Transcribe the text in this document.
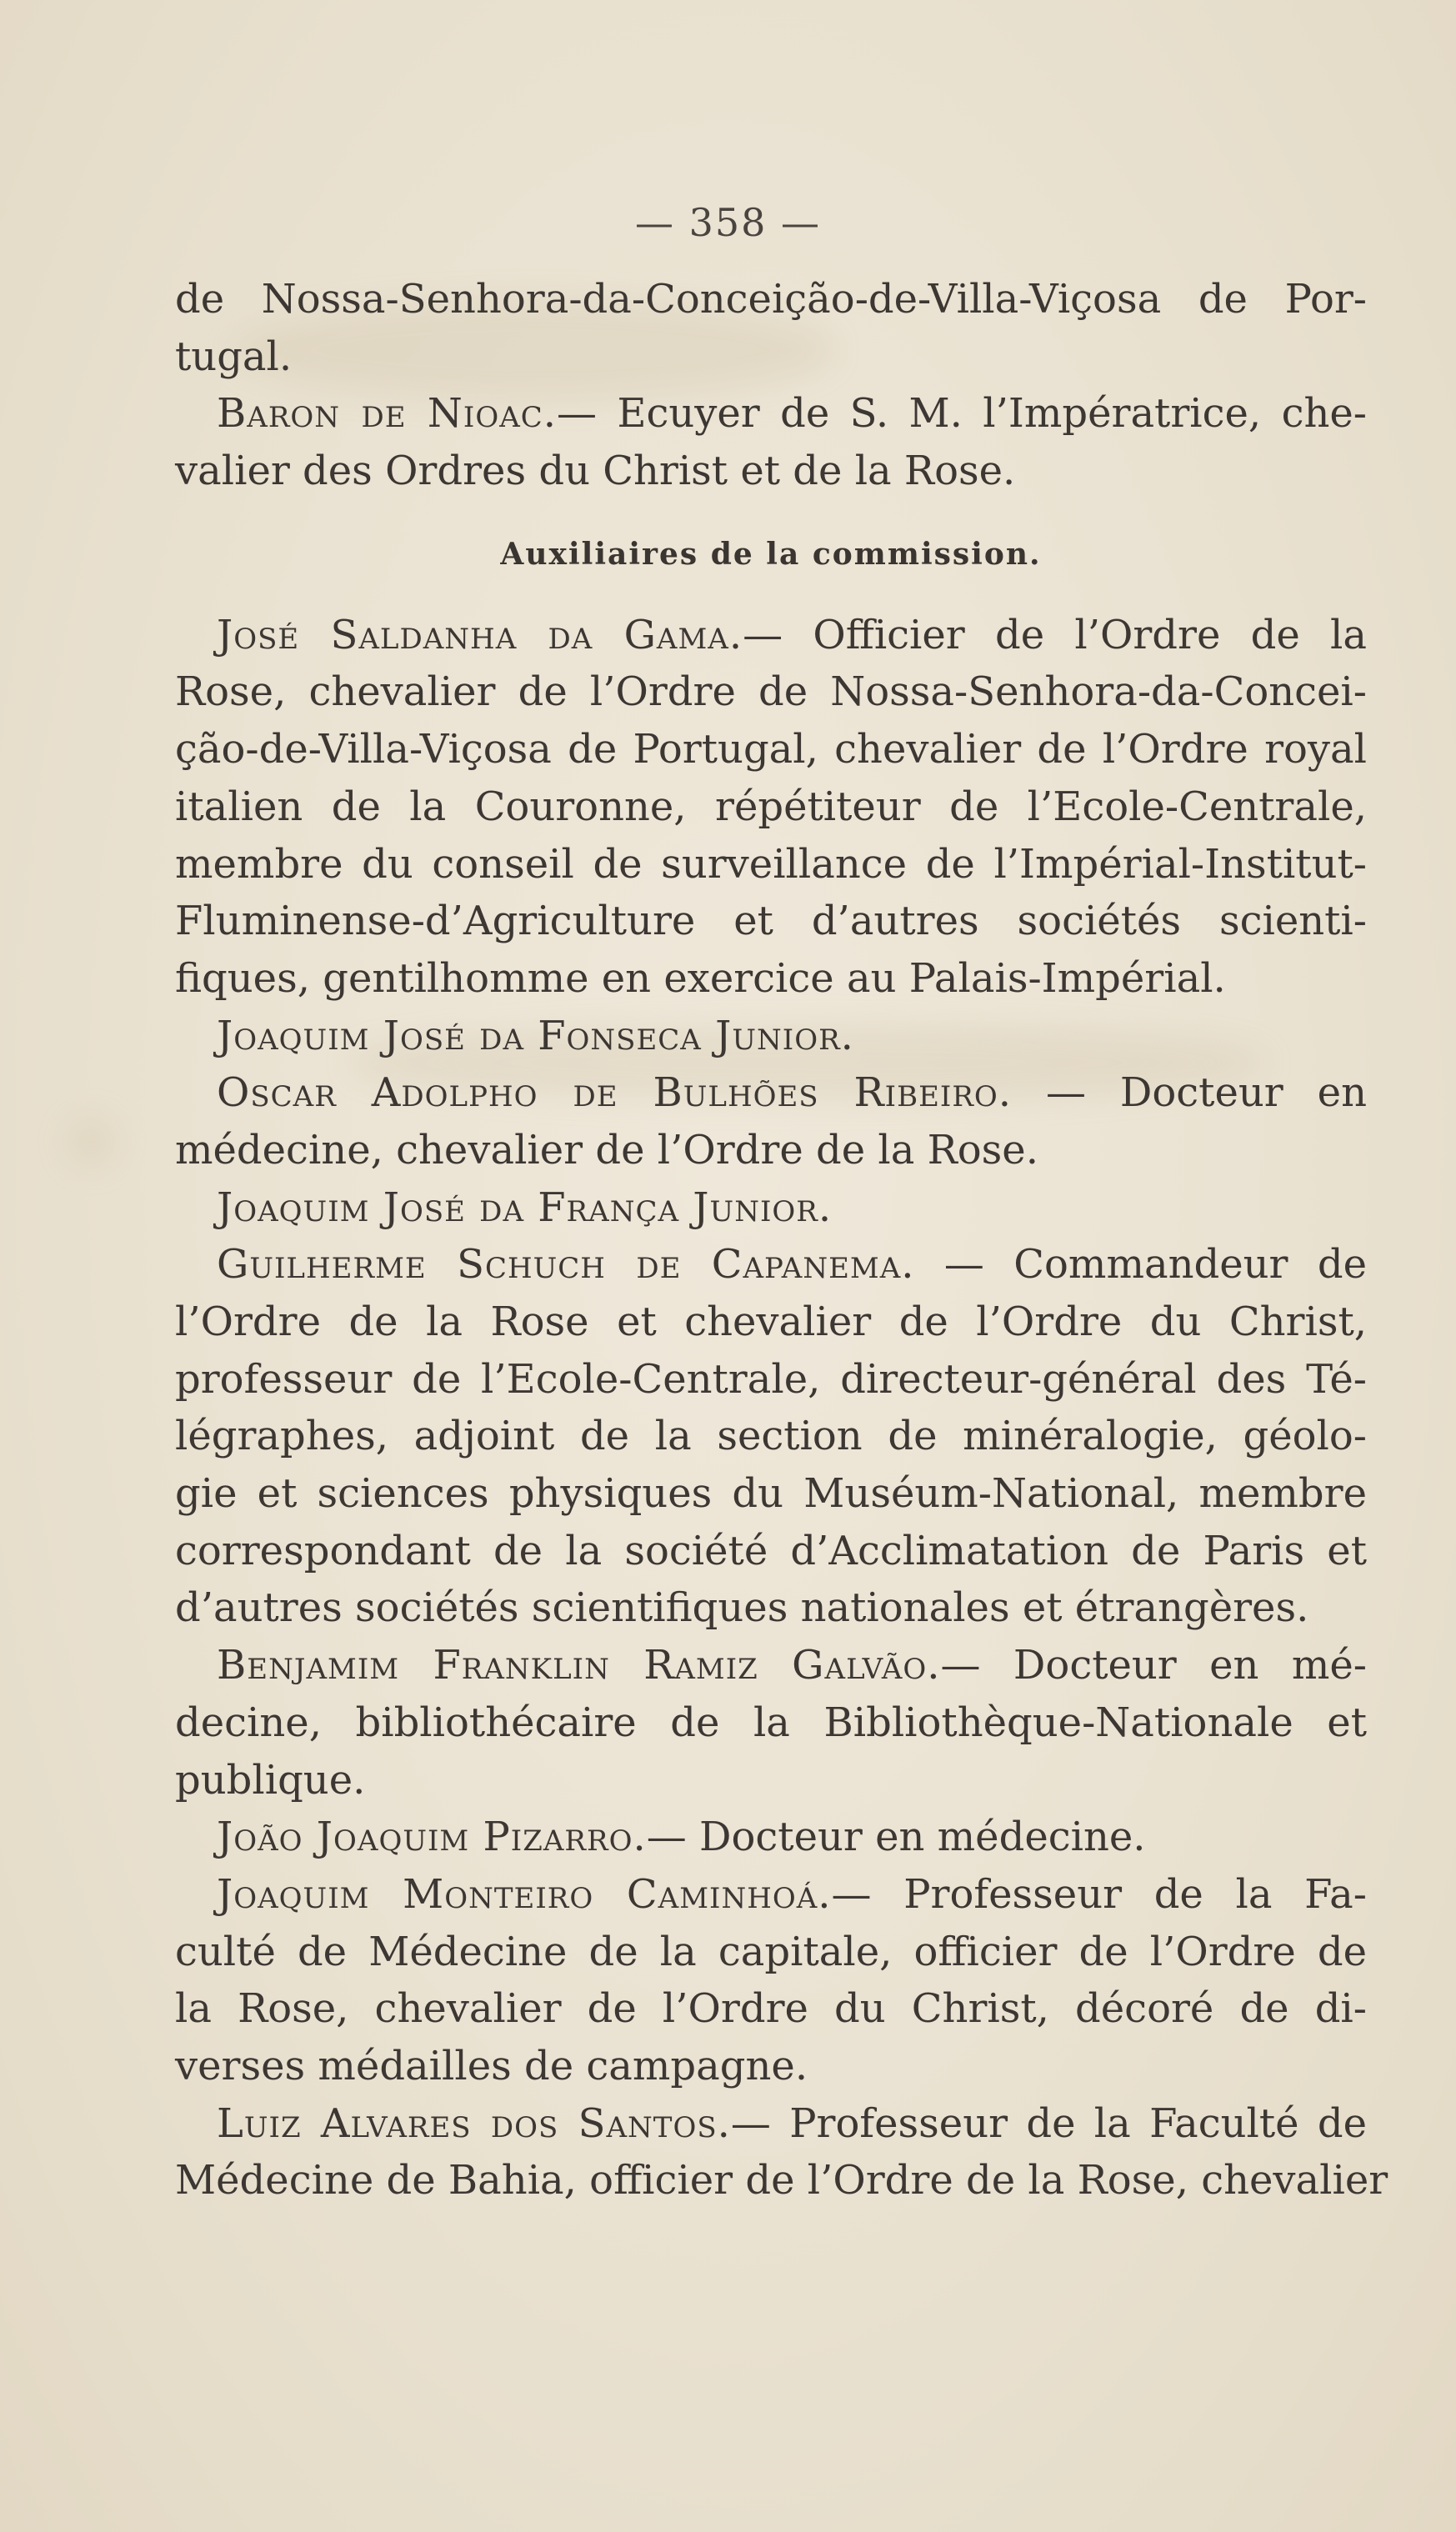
— 358 —
de Nossa-Senhora-da-Conceição-de-Villa-Viçosa de Por-
tugal.
Baron de Nioac.— Ecuyer de S. M. l’Impératrice, che-
valier des Ordres du Christ et de la Rose.
Auxiliaires de la commission.
José Saldanha da Gama.— Officier de l’Ordre de la
Rose, chevalier de l’Ordre de Nossa-Senhora-da-Concei-
ção-de-Villa-Viçosa de Portugal, chevalier de l’Ordre royal
italien de la Couronne, répétiteur de l’Ecole-Centrale,
membre du conseil de surveillance de l’Impérial-Institut-
Fluminense-d’Agriculture et d’autres sociétés scienti-
fiques, gentilhomme en exercice au Palais-Impérial.
Joaquim José da Fonseca Junior.
Oscar Adolpho de Bulhões Ribeiro. — Docteur en
médecine, chevalier de l’Ordre de la Rose.
Joaquim José da França Junior.
Guilherme Schuch de Capanema. — Commandeur de
l’Ordre de la Rose et chevalier de l’Ordre du Christ,
professeur de l’Ecole-Centrale, directeur-général des Té-
légraphes, adjoint de la section de minéralogie, géolo-
gie et sciences physiques du Muséum-National, membre
correspondant de la société d’Acclimatation de Paris et
d’autres sociétés scientifiques nationales et étrangères.
Benjamim Franklin Ramiz Galvão.— Docteur en mé-
decine, bibliothécaire de la Bibliothèque-Nationale et
publique.
João Joaquim Pizarro.— Docteur en médecine.
Joaquim Monteiro Caminhoá.— Professeur de la Fa-
culté de Médecine de la capitale, officier de l’Ordre de
la Rose, chevalier de l’Ordre du Christ, décoré de di-
verses médailles de campagne.
Luiz Alvares dos Santos.— Professeur de la Faculté de
Médecine de Bahia, officier de l’Ordre de la Rose, chevalier
